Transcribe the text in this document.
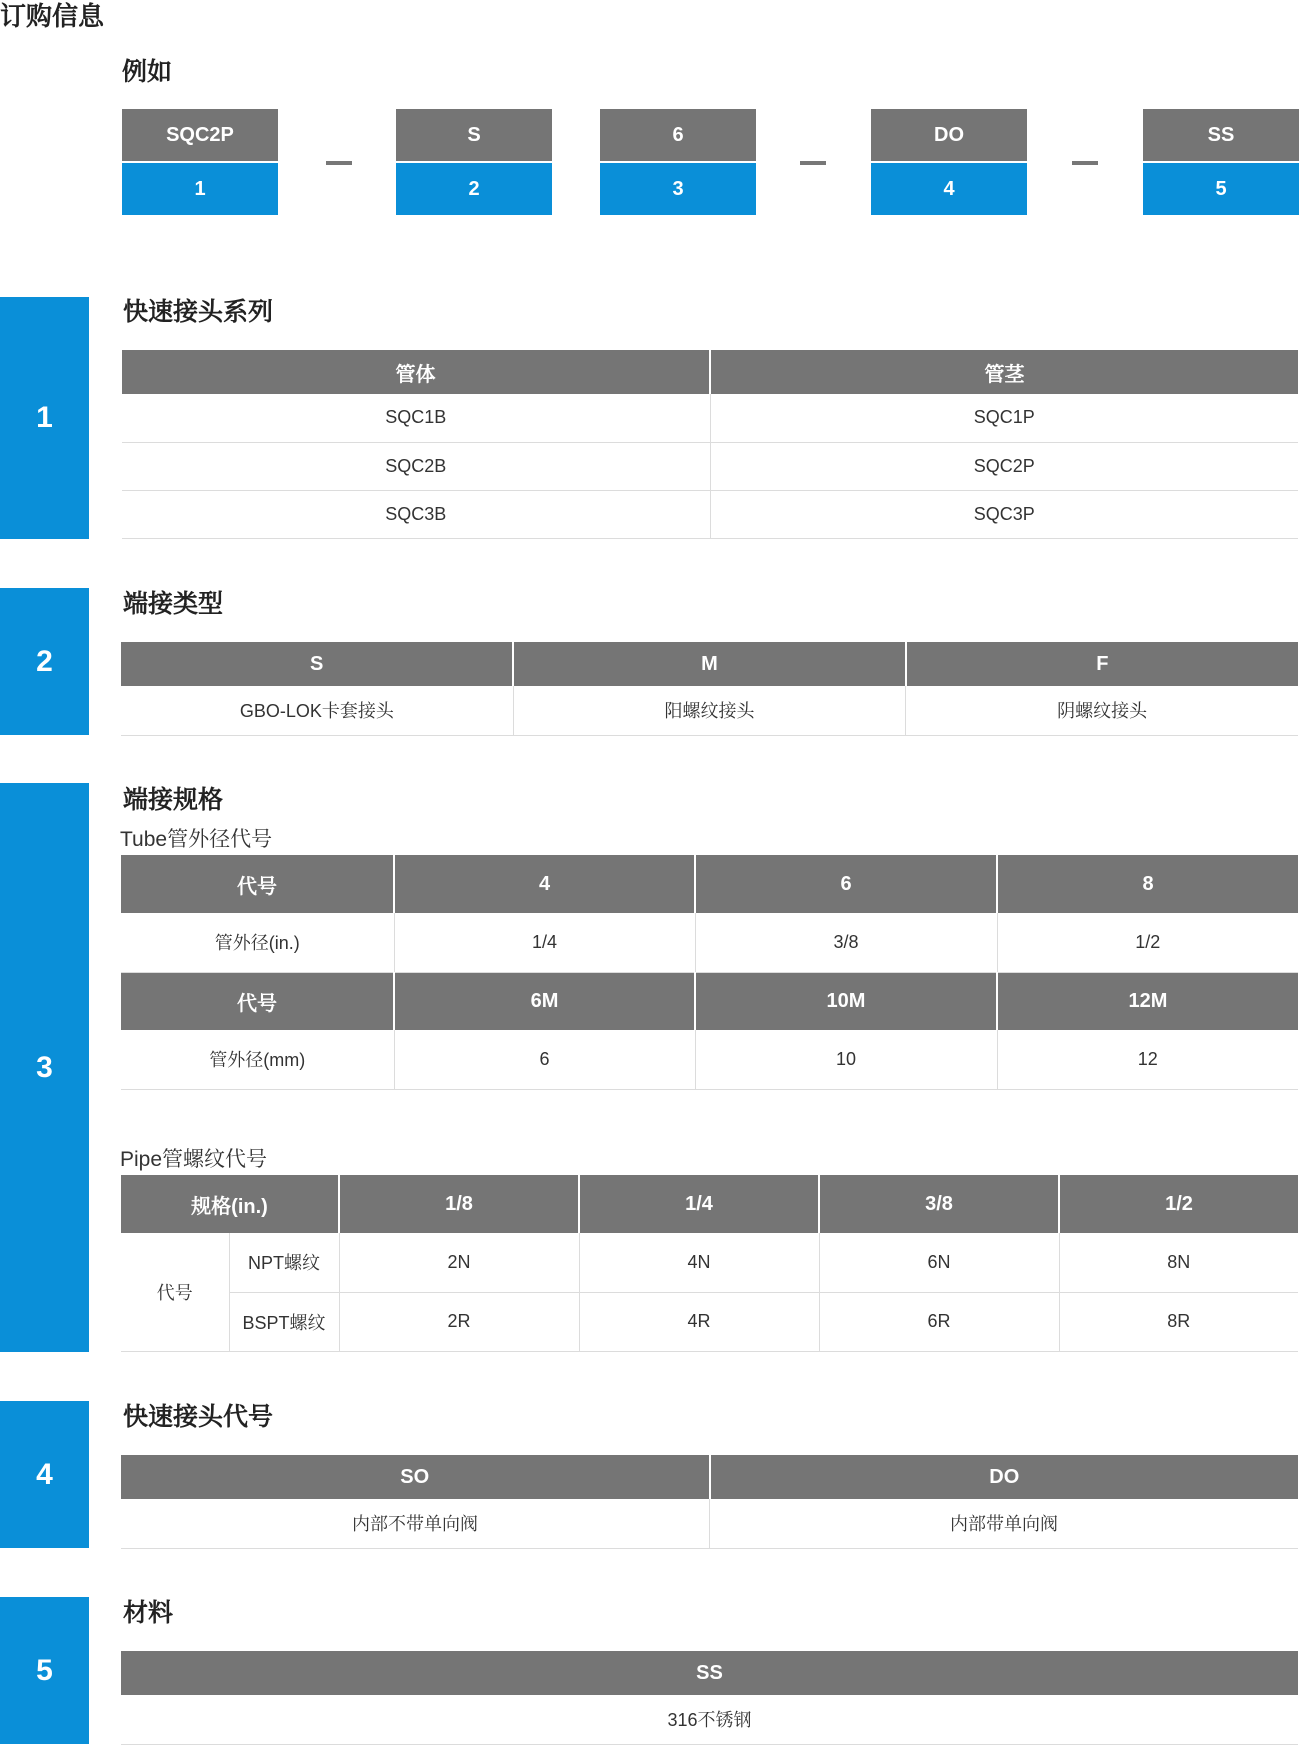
订购信息
例如
SQC2P
1
S
2
6
3
DO
4
SS
5
1
快速接头系列
管体	管茎
SQC1B	SQC1P
SQC2B	SQC2P
SQC3B	SQC3P
2
端接类型
S	M	F
GBO-LOK卡套接头	阳螺纹接头	阴螺纹接头
3
端接规格
Tube管外径代号
代号	4	6	8
管外径(in.)	1/4	3/8	1/2
代号	6M	10M	12M
管外径(mm)	6	10	12
Pipe管螺纹代号
规格(in.)		1/8	1/4	3/8	1/2
代号	NPT螺纹	2N	4N	6N	8N
	BSPT螺纹	2R	4R	6R	8R
4
快速接头代号
SO	DO
内部不带单向阀	内部带单向阀
5
材料
SS
316不锈钢
